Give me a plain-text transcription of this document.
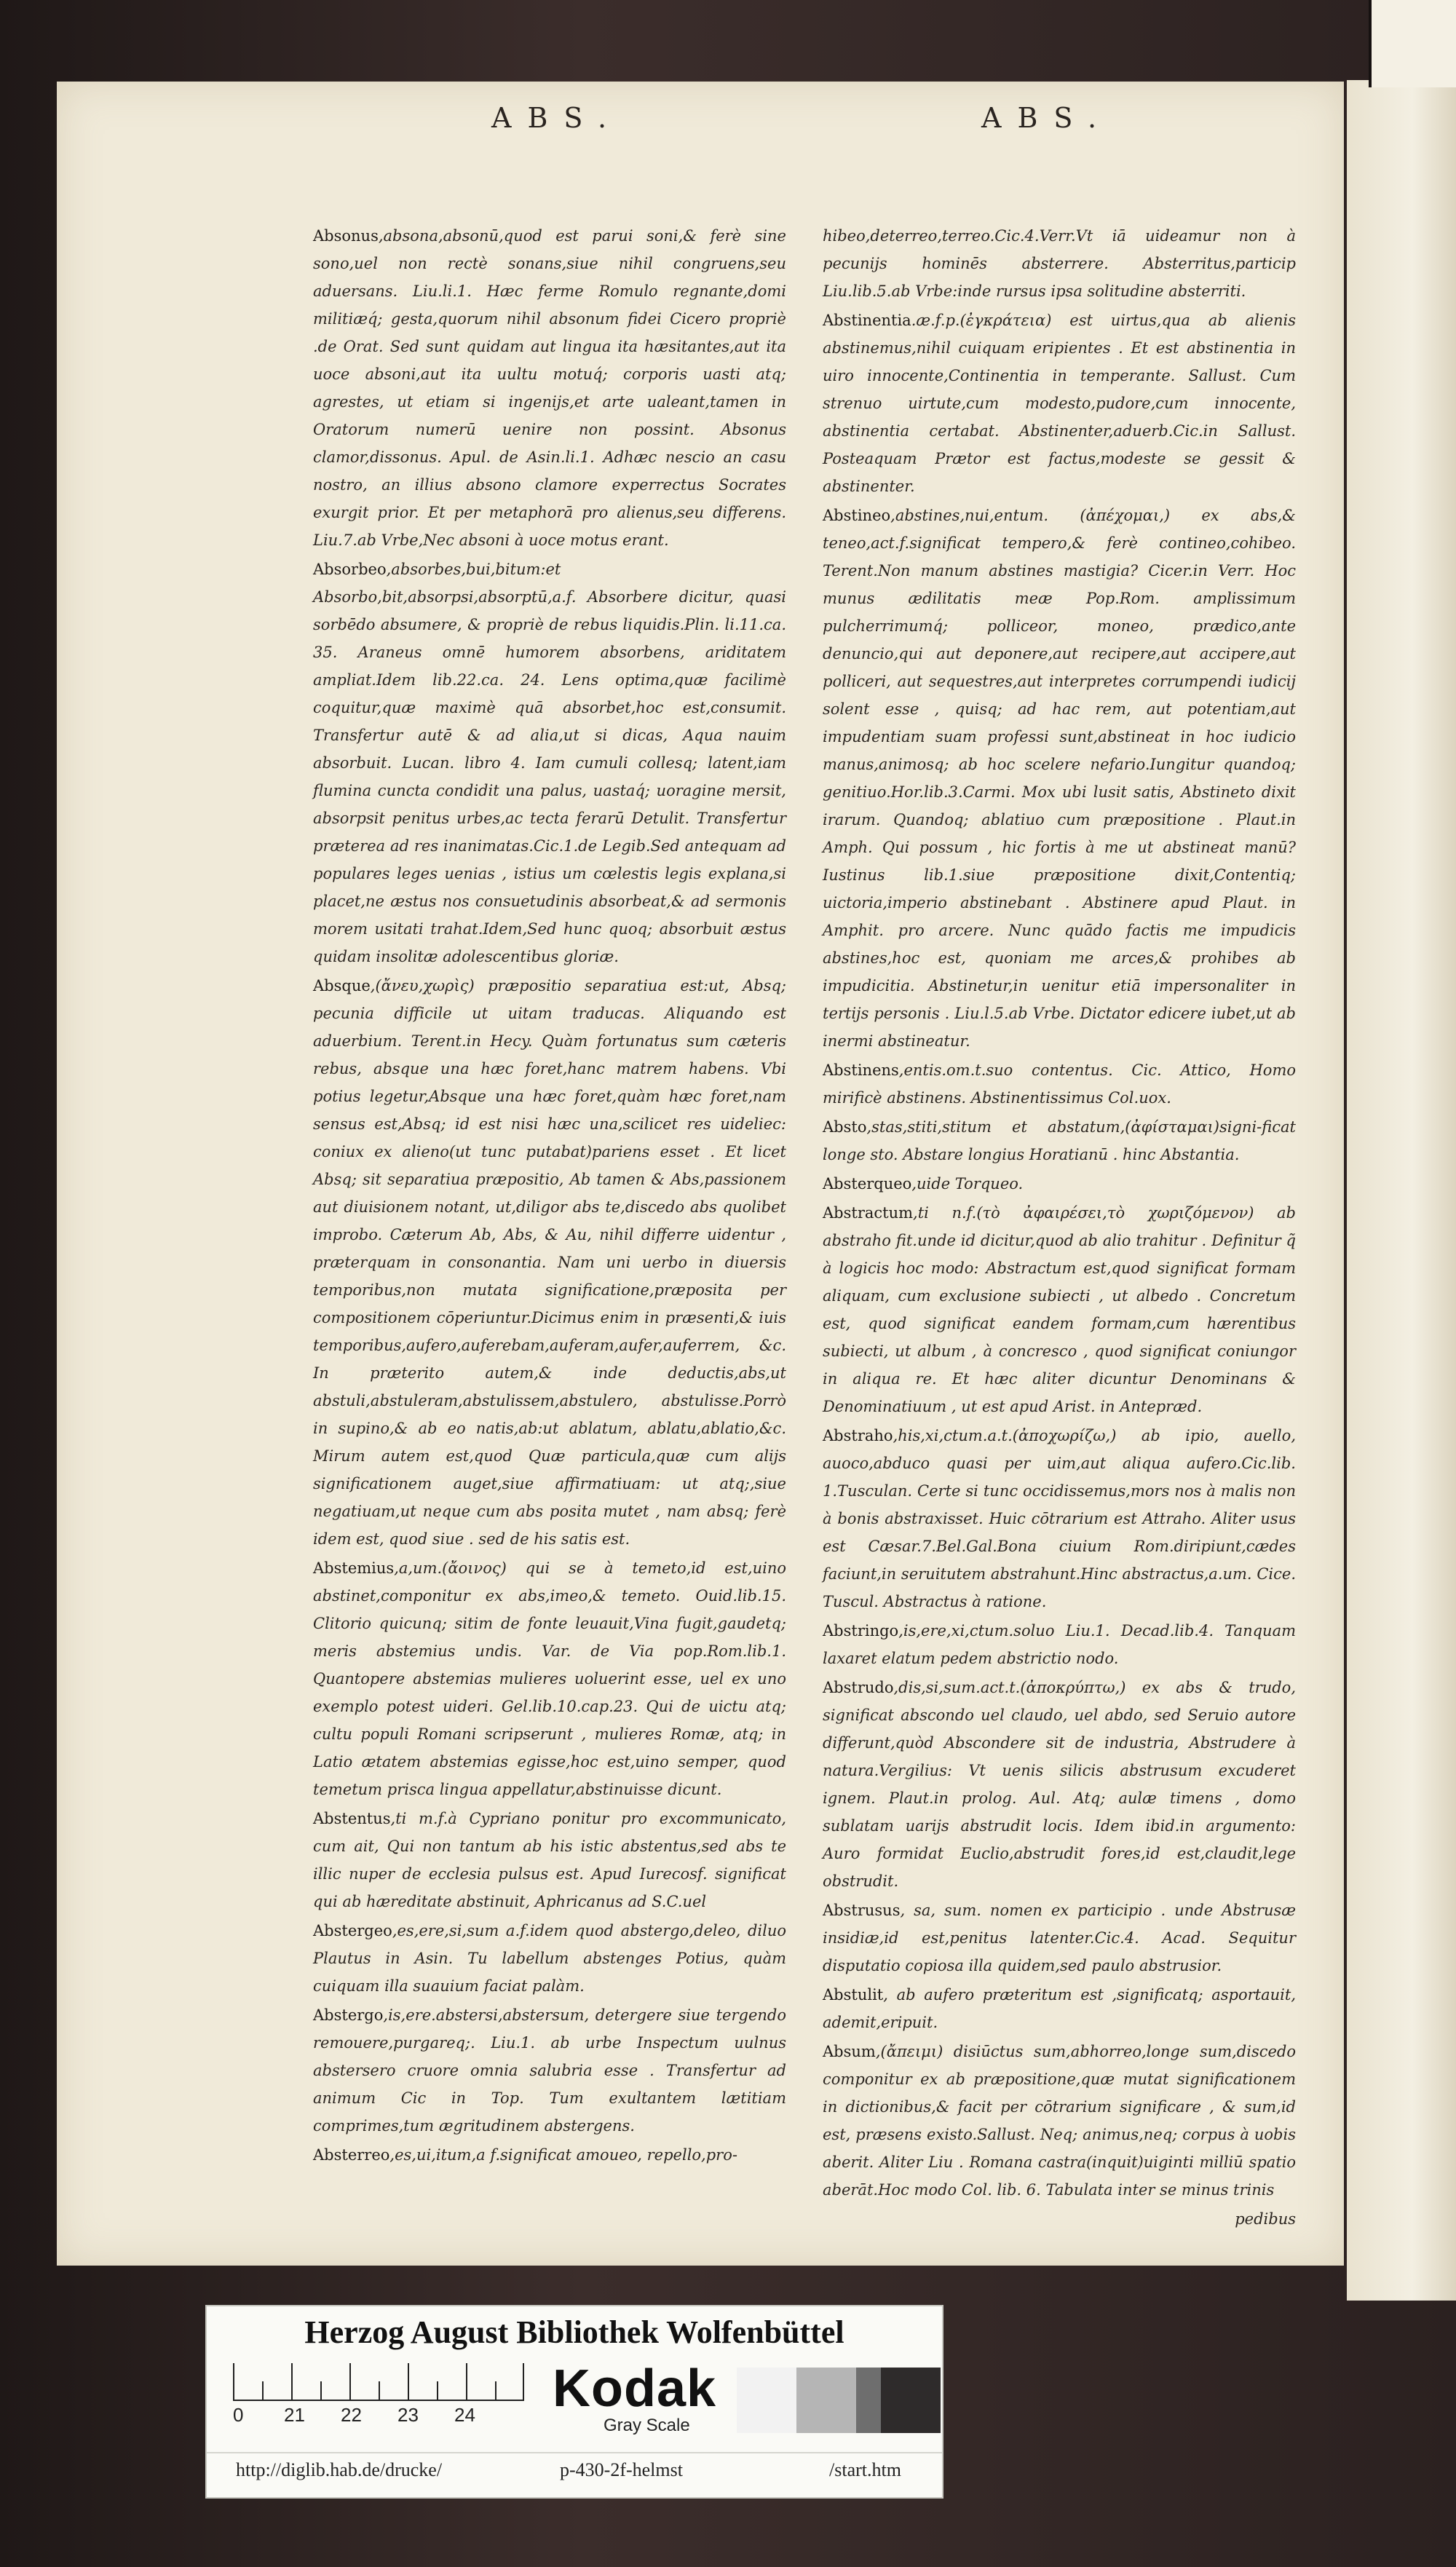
ABS.	ABS.

Absonus,absona,absonū,quod est parui soni,& ferè sine sono,uel non rectè sonans,siue nihil congruens,seu aduersans. Liu.li.1. Hæc ferme Romulo regnante,domi militiæq́; gesta,quorum nihil absonum fidei Cicero propriè .de Orat. Sed sunt quidam aut lingua ita hæsitantes,aut ita uoce absoni,aut ita uultu motuq́; corporis uasti atq; agrestes, ut etiam si ingenijs,et arte ualeant,tamen in Oratorum numerū uenire non possint. Absonus clamor,dissonus. Apul. de Asin.li.1. Adhæc nescio an casu nostro, an illius absono clamore experrectus Socrates exurgit prior. Et per metaphorā pro alienus,seu differens. Liu.7.ab Vrbe,Nec absoni à uoce motus erant.

Absorbeo,absorbes,bui,bitum:et Absorbo,bit,absorpsi,absorptū,a.f. Absorbere dicitur, quasi sorbēdo absumere, & propriè de rebus liquidis.Plin. li.11.ca. 35. Araneus omnē humorem absorbens, ariditatem ampliat.Idem lib.22.ca. 24. Lens optima,quæ facilimè coquitur,quæ maximè quā absorbet,hoc est,consumit. Transfertur autē & ad alia,ut si dicas, Aqua nauim absorbuit. Lucan. libro 4. Iam cumuli collesq; latent,iam flumina cuncta condidit una palus, uastaq́; uoragine mersit, absorpsit penitus urbes,ac tecta ferarū Detulit. Transfertur præterea ad res inanimatas.Cic.1.de Legib.Sed antequam ad populares leges uenias , istius um cœlestis legis explana,si placet,ne æstus nos consuetudinis absorbeat,& ad sermonis morem usitati trahat.Idem,Sed hunc quoq; absorbuit æstus quidam insolitæ adolescentibus gloriæ.

Absque,(ἄνευ,χωρὶς) præpositio separatiua est:ut, Absq; pecunia difficile ut uitam traducas. Aliquando est aduerbium. Terent.in Hecy. Quàm fortunatus sum cæteris rebus, absque una hæc foret,hanc matrem habens. Vbi potius legetur,Absque una hæc foret,quàm hæc foret,nam sensus est,Absq; id est nisi hæc una,scilicet res uideliec: coniux ex alieno(ut tunc putabat)pariens esset . Et licet Absq; sit separatiua præpositio, Ab tamen & Abs,passionem aut diuisionem notant, ut,diligor abs te,discedo abs quolibet improbo. Cæterum Ab, Abs, & Au, nihil differre uidentur , præterquam in consonantia. Nam uni uerbo in diuersis temporibus,non mutata significatione,præposita per compositionem cōperiuntur.Dicimus enim in præsenti,& iuis temporibus,aufero,auferebam,auferam,aufer,auferrem, &c. In præterito autem,& inde deductis,abs,ut abstuli,abstuleram,abstulissem,abstulero, abstulisse.Porrò in supino,& ab eo natis,ab:ut ablatum, ablatu,ablatio,&c. Mirum autem est,quod Quæ particula,quæ cum alijs significationem auget,siue affirmatiuam: ut atq;,siue negatiuam,ut neque cum abs posita mutet , nam absq; ferè idem est, quod siue . sed de his satis est.

Abstemius,a,um.(ἄοινος) qui se à temeto,id est,uino abstinet,componitur ex abs,imeo,& temeto. Ouid.lib.15. Clitorio quicunq; sitim de fonte leuauit,Vina fugit,gaudetq; meris abstemius undis. Var. de Via pop.Rom.lib.1. Quantopere abstemias mulieres uoluerint esse, uel ex uno exemplo potest uideri. Gel.lib.10.cap.23. Qui de uictu atq; cultu populi Romani scripserunt , mulieres Romæ, atq; in Latio ætatem abstemias egisse,hoc est,uino semper, quod temetum prisca lingua appellatur,abstinuisse dicunt.

Abstentus,ti m.f.à Cypriano ponitur pro excommunicato, cum ait, Qui non tantum ab his istic abstentus,sed abs te illic nuper de ecclesia pulsus est. Apud Iurecosf. significat qui ab hæreditate abstinuit, Aphricanus ad S.C.uel

Abstergeo,es,ere,si,sum a.f.idem quod abstergo,deleo, diluo Plautus in Asin. Tu labellum abstenges Potius, quàm cuiquam illa suauium faciat palàm.

Abstergo,is,ere.abstersi,abstersum, detergere siue tergendo remouere,purgareq;. Liu.1. ab urbe Inspectum uulnus abstersero cruore omnia salubria esse . Transfertur ad animum Cic in Top. Tum exultantem lætitiam comprimes,tum ægritudinem abstergens.

Absterreo,es,ui,itum,a f.significat amoueo, repello,pro-

hibeo,deterreo,terreo.Cic.4.Verr.Vt iā uideamur non à pecunijs hominēs absterrere. Absterritus,particip Liu.lib.5.ab Vrbe:inde rursus ipsa solitudine absterriti.

Abstinentia.æ.f.p.(ἐγκράτεια) est uirtus,qua ab alienis abstinemus,nihil cuiquam eripientes . Et est abstinentia in uiro innocente,Continentia in temperante. Sallust. Cum strenuo uirtute,cum modesto,pudore,cum innocente, abstinentia certabat. Abstinenter,aduerb.Cic.in Sallust. Posteaquam Prætor est factus,modeste se gessit & abstinenter.

Abstineo,abstines,nui,entum. (ἀπέχομαι,) ex abs,& teneo,act.f.significat tempero,& ferè contineo,cohibeo. Terent.Non manum abstines mastigia? Cicer.in Verr. Hoc munus ædilitatis meæ Pop.Rom. amplissimum pulcherrimumq́; polliceor, moneo, prædico,ante denuncio,qui aut deponere,aut recipere,aut accipere,aut polliceri, aut sequestres,aut interpretes corrumpendi iudicij solent esse , quisq; ad hac rem, aut potentiam,aut impudentiam suam professi sunt,abstineat in hoc iudicio manus,animosq; ab hoc scelere nefario.Iungitur quandoq; genitiuo.Hor.lib.3.Carmi. Mox ubi lusit satis, Abstineto dixit irarum. Quandoq; ablatiuo cum præpositione . Plaut.in Amph. Qui possum , hic fortis à me ut abstineat manū? Iustinus lib.1.siue præpositione dixit,Contentiq; uictoria,imperio abstinebant . Abstinere apud Plaut. in Amphit. pro arcere. Nunc quādo factis me impudicis abstines,hoc est, quoniam me arces,& prohibes ab impudicitia. Abstinetur,in uenitur etiā impersonaliter in tertijs personis . Liu.l.5.ab Vrbe. Dictator edicere iubet,ut ab inermi abstineatur.

Abstinens,entis.om.t.suo contentus. Cic. Attico, Homo mirificè abstinens. Abstinentissimus Col.uox.

Absto,stas,stiti,stitum et abstatum,(ἀφίσταμαι)signi-ficat longe sto. Abstare longius Horatianū . hinc Abstantia.

Absterqueo,uide Torqueo.

Abstractum,ti n.f.(τὸ ἀφαιρέσει,τὸ χωριζόμενον) ab abstraho fit.unde id dicitur,quod ab alio trahitur . Definitur q̃ à logicis hoc modo: Abstractum est,quod significat formam aliquam, cum exclusione subiecti , ut albedo . Concretum est, quod significat eandem formam,cum hærentibus subiecti, ut album , à concresco , quod significat coniungor in aliqua re. Et hæc aliter dicuntur Denominans & Denominatiuum , ut est apud Arist. in Antepræd.

Abstraho,his,xi,ctum.a.t.(ἀποχωρίζω,) ab ipio, auello, auoco,abduco quasi per uim,aut aliqua aufero.Cic.lib. 1.Tusculan. Certe si tunc occidissemus,mors nos à malis non à bonis abstraxisset. Huic cōtrarium est Attraho. Aliter usus est Cæsar.7.Bel.Gal.Bona ciuium Rom.diripiunt,cædes faciunt,in seruitutem abstrahunt.Hinc abstractus,a.um. Cice. Tuscul. Abstractus à ratione.

Abstringo,is,ere,xi,ctum.soluo Liu.1. Decad.lib.4. Tanquam laxaret elatum pedem abstrictio nodo.

Abstrudo,dis,si,sum.act.t.(ἀποκρύπτω,) ex abs & trudo, significat abscondo uel claudo, uel abdo, sed Seruio autore differunt,quòd Abscondere sit de industria, Abstrudere à natura.Vergilius: Vt uenis silicis abstrusum excuderet ignem. Plaut.in prolog. Aul. Atq; aulæ timens , domo sublatam uarijs abstrudit locis. Idem ibid.in argumento: Auro formidat Euclio,abstrudit fores,id est,claudit,lege obstrudit.

Abstrusus, sa, sum. nomen ex participio . unde Abstrusæ insidiæ,id est,penitus latenter.Cic.4. Acad. Sequitur disputatio copiosa illa quidem,sed paulo abstrusior.

Abstulit, ab aufero præteritum est ,significatq; asportauit, ademit,eripuit.

Absum,(ἄπειμι) disiūctus sum,abhorreo,longe sum,discedo componitur ex ab præpositione,quæ mutat significationem in dictionibus,& facit per cōtrarium significare , & sum,id est, præsens existo.Sallust. Neq; animus,neq; corpus à uobis aberit. Aliter Liu . Romana castra(inquit)uiginti milliū spatio aberāt.Hoc modo Col. lib. 6. Tabulata inter se minus trinis

pedibus

Herzog August Bibliothek Wolfenbüttel
0 21 22 23 24 Kodak
Gray Scale
http://diglib.hab.de/drucke/	p-430-2f-helmst	/start.htm
